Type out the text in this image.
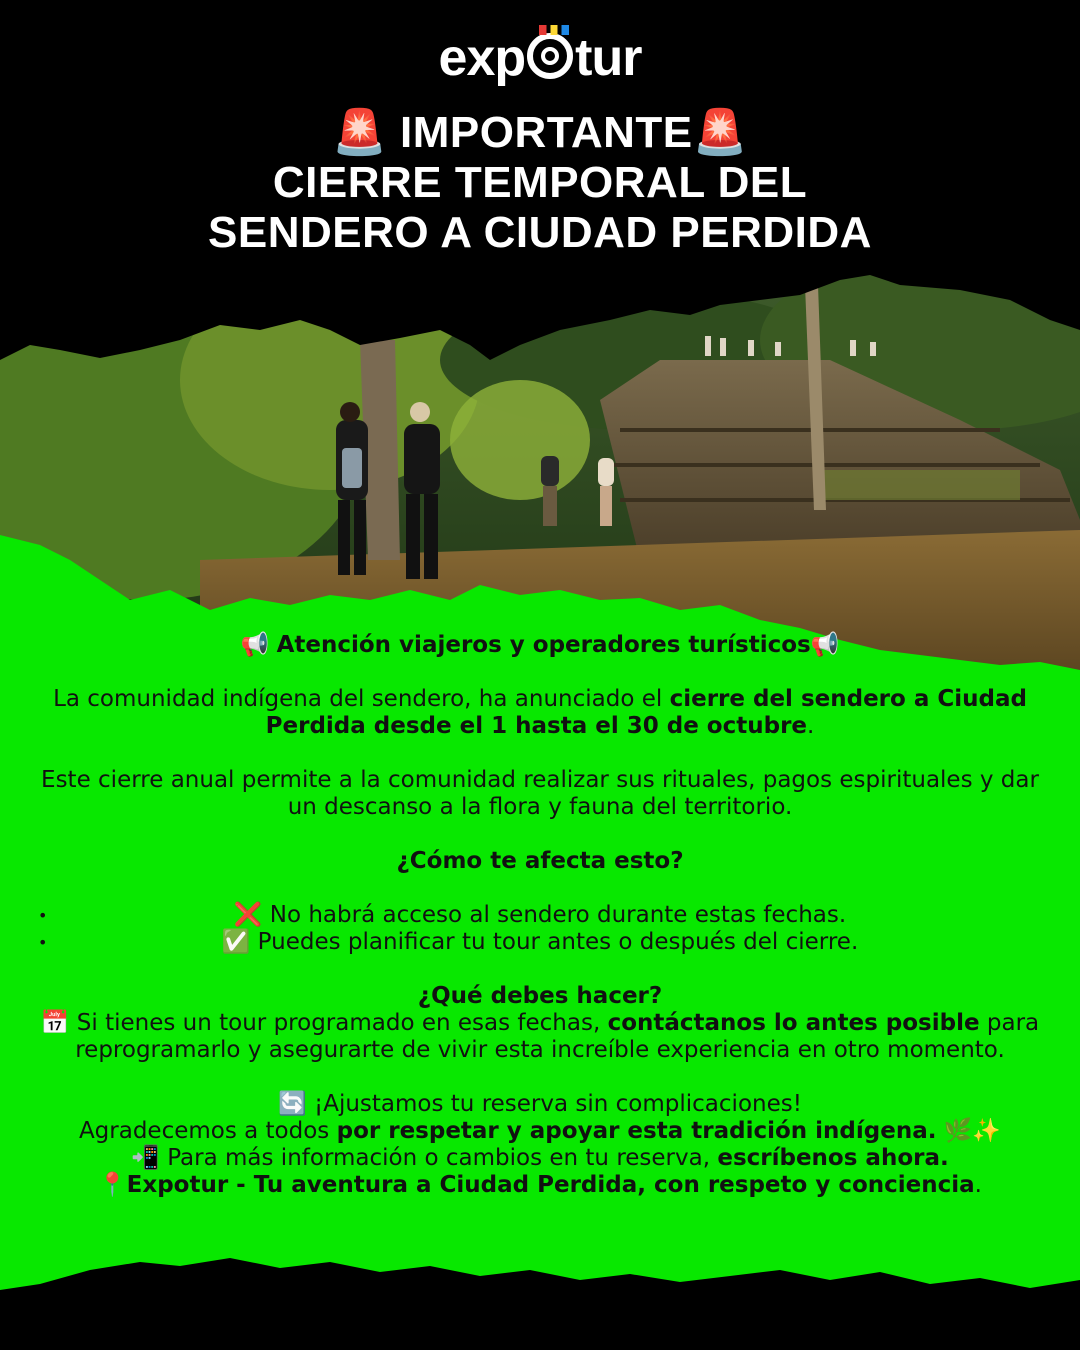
exp tur
🚨 IMPORTANTE🚨
CIERRE TEMPORAL DEL
SENDERO A CIUDAD PERDIDA

📢 Atención viajeros y operadores turísticos📢

La comunidad indígena del sendero, ha anunciado el cierre del sendero a Ciudad Perdida desde el 1 hasta el 30 de octubre.

Este cierre anual permite a la comunidad realizar sus rituales, pagos espirituales y dar un descanso a la flora y fauna del territorio.

¿Cómo te afecta esto?

•	❌ No habrá acceso al sendero durante estas fechas.

•	✅ Puedes planificar tu tour antes o después del cierre.

¿Qué debes hacer?

📅 Si tienes un tour programado en esas fechas, contáctanos lo antes posible para reprogramarlo y asegurarte de vivir esta increíble experiencia en otro momento.

🔄 ¡Ajustamos tu reserva sin complicaciones!

Agradecemos a todos por respetar y apoyar esta tradición indígena. 🌿✨

📲 Para más información o cambios en tu reserva, escríbenos ahora.

📍Expotur - Tu aventura a Ciudad Perdida, con respeto y conciencia.
